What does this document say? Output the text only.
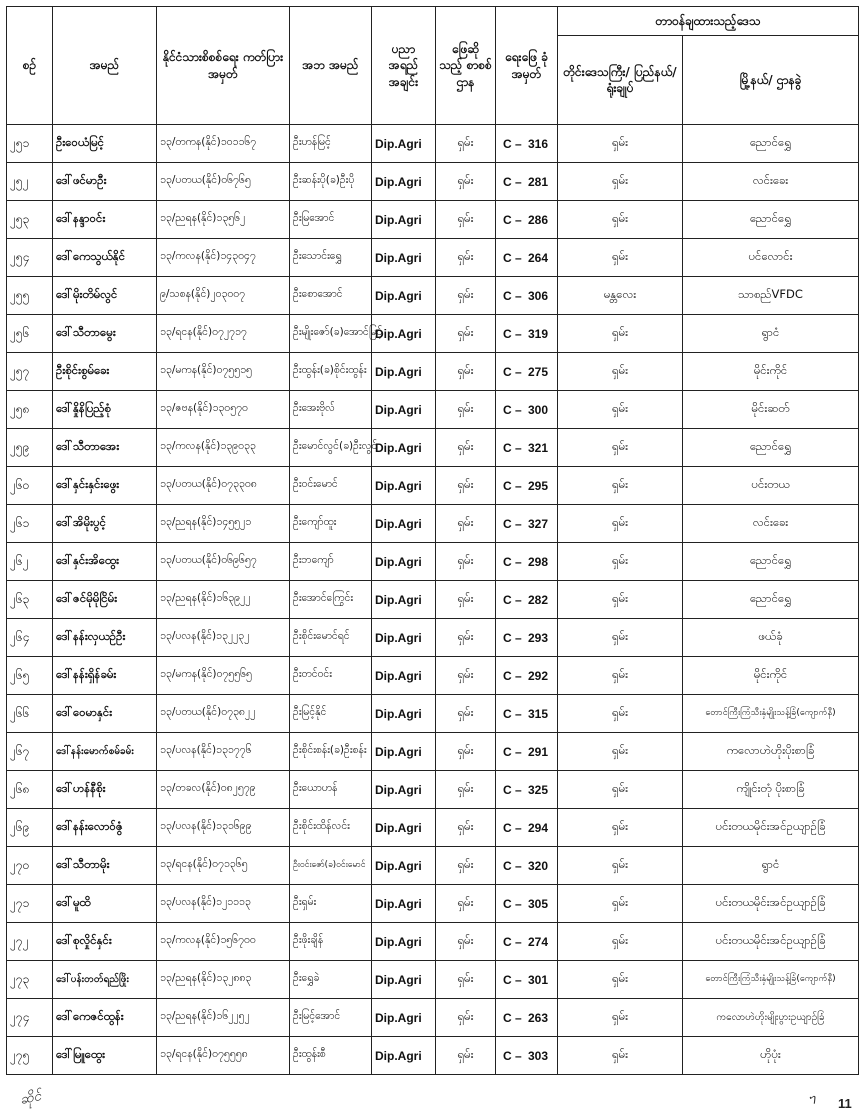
စဉ်	အမည်	နိုင်ငံသားစိစစ်ရေး ကတ်ပြားအမှတ်	အဘ အမည်	ပညာ အရည် အချင်း	ဖြေဆို သည့် စာစစ် ဌာန	ရေးဖြေ ခုံအမှတ်	တာဝန်ချထားသည့်ဒေသ	
							တိုင်းဒေသကြီး/ ပြည်နယ်/ ရုံးချုပ်	မြို့နယ်/ ဌာနခွဲ
၂၅၁	ဦးဝေယံမြင့်	၁၃/တကန(နိုင်)၁၀၁၁၆၇	ဦးဟန်မြင့်	Dip.Agri	ရှမ်း	C – 316	ရှမ်း	ညောင်ရွှေ
၂၅၂	ဒေါ်ဖင်မာဦး	၁၃/ပတယ(နိုင်)၀၆၇၆၅	ဦးဆန်းပို(ခ)ဦးပို	Dip.Agri	ရှမ်း	C – 281	ရှမ်း	လင်းခေး
၂၅၃	ဒေါ်နန္ဒာဝင်း	၁၃/ညရန(နိုင်)၁၃၅၆၂	ဦးမြအောင်	Dip.Agri	ရှမ်း	C – 286	ရှမ်း	ညောင်ရွှေ
၂၅၄	ဒေါ်ကေသွယ်နိုင်	၁၃/ကလန(နိုင်)၁၄၃၀၄၇	ဦးသောင်းရွှေ	Dip.Agri	ရှမ်း	C – 264	ရှမ်း	ပင်လောင်း
၂၅၅	ဒေါ်မိုးတိမ်လွင်	၉/သစန(နိုင်)၂၀၃၀၀၇	ဦးစောအောင်	Dip.Agri	ရှမ်း	C – 306	မန္တလေး	သာစည်VFDC
၂၅၆	ဒေါ်သီတာမွေး	၁၃/ရငန(နိုင်)၀၇၂၇၁၇	ဦးမျိုးဇော်(ခ)အောင်မြင့်	Dip.Agri	ရှမ်း	C – 319	ရှမ်း	ရွာငံ
၂၅၇	ဦးစိုင်းစွမ်ခေး	၁၃/မကန(နိုင်)၀၇၅၅၁၅	ဦးထွန်း(ခ)စိုင်းထွန်း	Dip.Agri	ရှမ်း	C – 275	ရှမ်း	မိုင်းကိုင်
၂၅၈	ဒေါ်နှိုနိပြည့်စုံ	၁၃/ဇဗန(နိုင်)၁၃၀၅၇၀	ဦးအေးဗိုလ်	Dip.Agri	ရှမ်း	C – 300	ရှမ်း	မိုင်းဆတ်
၂၅၉	ဒေါ်သီတာအေး	၁၃/ကလန(နိုင်)၁၃၉၀၃၃	ဦးမောင်လွင်(ခ)ဦးလွင်	Dip.Agri	ရှမ်း	C – 321	ရှမ်း	ညောင်ရွှေ
၂၆၀	ဒေါ်နှင်းနှင်းဖွေး	၁၃/ပတယ(နိုင်)၀၇၃၃၀၈	ဦးဝင်းမောင်	Dip.Agri	ရှမ်း	C – 295	ရှမ်း	ပင်းတယ
၂၆၁	ဒေါ်အိမိုးပွင့်	၁၃/ညရန(နိုင်)၁၄၅၅၂၁	ဦးကျော်ထူး	Dip.Agri	ရှမ်း	C – 327	ရှမ်း	လင်းခေး
၂၆၂	ဒေါ်နှင်းအိထွေး	၁၃/ပတယ(နိုင်)၀၆၉၆၅၇	ဦးဘကျော်	Dip.Agri	ရှမ်း	C – 298	ရှမ်း	ညောင်ရွှေ
၂၆၃	ဒေါ်ဇင်မိုမိုငြိမ်း	၁၃/ညရန(နိုင်)၁၆၃၉၂၂	ဦးအောင်ကြွေင်း	Dip.Agri	ရှမ်း	C – 282	ရှမ်း	ညောင်ရွှေ
၂၆၄	ဒေါ်နန်းလှယဉ်ဦး	၁၃/ပလန(နိုင်)၁၃၂၂၃၂	ဦးစိုင်းမောင်ရင်	Dip.Agri	ရှမ်း	C – 293	ရှမ်း	ဖယ်ခုံ
၂၆၅	ဒေါ်နန်းရှိန်ခမ်း	၁၃/မကန(နိုင်)၀၇၅၅၆၅	ဦးတင်ဝင်း	Dip.Agri	ရှမ်း	C – 292	ရှမ်း	မိုင်းကိုင်
၂၆၆	ဒေါ်ဝေမာနှင်း	၁၃/ပတယ(နိုင်)၀၇၃၈၂၂	ဦးမြင့်နိုင်	Dip.Agri	ရှမ်း	C – 315	ရှမ်း	တောင်ကြီးကြံသီးနှံမျိုးသန့်ခြံ(ကျောက်နီ)
၂၆၇	ဒေါ်နန်းမောက်စမ်ခမ်း	၁၃/ပလန(နိုင်)၁၃၁၇၇၆	ဦးစိုင်းစန်း(ခ)ဦးစန်း	Dip.Agri	ရှမ်း	C – 291	ရှမ်း	ကလောဟဲဟိုးပိုးစာခြံ
၂၆၈	ဒေါ်ဟန်နီစိုး	၁၃/တခလ(နိုင်)၀၈၂၅၇၉	ဦးယောဟန်	Dip.Agri	ရှမ်း	C – 325	ရှမ်း	ကျိုင်းတုံ ပိုးစာခြံ
၂၆၉	ဒေါ်နန်းလောဝ်ဇွံ	၁၃/ပလန(နိုင်)၁၃၁၆၉၉	ဦးစိုင်းထိန်လင်း	Dip.Agri	ရှမ်း	C – 294	ရှမ်း	ပင်းတယမိုင်းအင်ဥယျာဉ်ခြံ
၂၇၀	ဒေါ်သီတာမိုး	၁၃/ရငန(နိုင်)၀၇၁၃၆၅	ဦးဝင်းဇော်(ခ)ဝင်းမောင်	Dip.Agri	ရှမ်း	C – 320	ရှမ်း	ရွာငံ
၂၇၁	ဒေါ်မူထိ	၁၃/ပလန(နိုင်)၁၂၁၁၁၃	ဦးရှမ်း	Dip.Agri	ရှမ်း	C – 305	ရှမ်း	ပင်းတယမိုင်းအင်ဥယျာဉ်ခြံ
၂၇၂	ဒေါ်စုလှိုင်နှင်း	၁၃/ကလန(နိုင်)၁၅၆၇၀၀	ဦးဖိုးချိန်	Dip.Agri	ရှမ်း	C – 274	ရှမ်း	ပင်းတယမိုင်းအင်ဥယျာဉ်ခြံ
၂၇၃	ဒေါ်ပန်းတတ်ရည်ဖြိုး	၁၃/ညရန(နိုင်)၁၃၂၈၈၃	ဦးရွှေခဲ	Dip.Agri	ရှမ်း	C – 301	ရှမ်း	တောင်ကြီးကြံသီးနှံမျိုးသန့်ခြံ(ကျောက်နီ)
၂၇၄	ဒေါ်ကေဇင်ထွန်း	၁၃/ညရန(နိုင်)၁၆၂၂၅၂	ဦးမြင့်အောင်	Dip.Agri	ရှမ်း	C – 263	ရှမ်း	ကလောဟဲဟိုးမျိုးပွားဥယျာဉ်ခြံ
၂၇၅	ဒေါ်မြူထွေး	၁၃/ရငန(နိုင်)၀၇၅၅၅၈	ဦးထွန်းစီ	Dip.Agri	ရှမ်း	C – 303	ရှမ်း	ဟိုပုံး
ဆိုင်	ᥐ 11
